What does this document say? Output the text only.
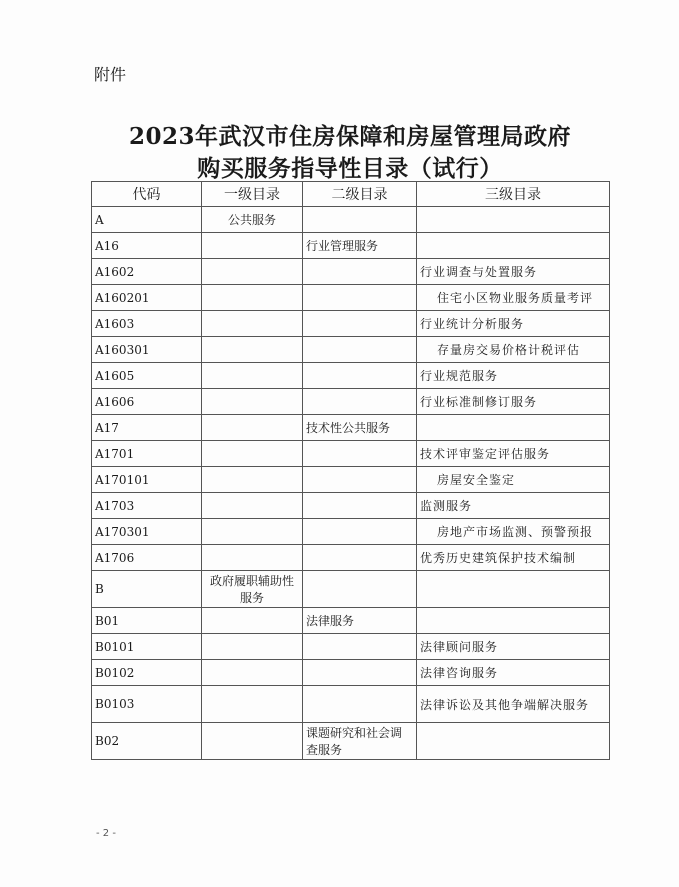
附件
2023年武汉市住房保障和房屋管理局政府
购买服务指导性目录（试行）
代码	一级目录	二级目录	三级目录
A	公共服务		
A16		行业管理服务	
A1602			行业调查与处置服务
A160201			住宅小区物业服务质量考评
A1603			行业统计分析服务
A160301			存量房交易价格计税评估
A1605			行业规范服务
A1606			行业标准制修订服务
A17		技术性公共服务	
A1701			技术评审鉴定评估服务
A170101			房屋安全鉴定
A1703			监测服务
A170301			房地产市场监测、预警预报
A1706			优秀历史建筑保护技术编制
B	政府履职辅助性服务		
B01		法律服务	
B0101			法律顾问服务
B0102			法律咨询服务
B0103			法律诉讼及其他争端解决服务
B02		课题研究和社会调查服务	
- 2 -
